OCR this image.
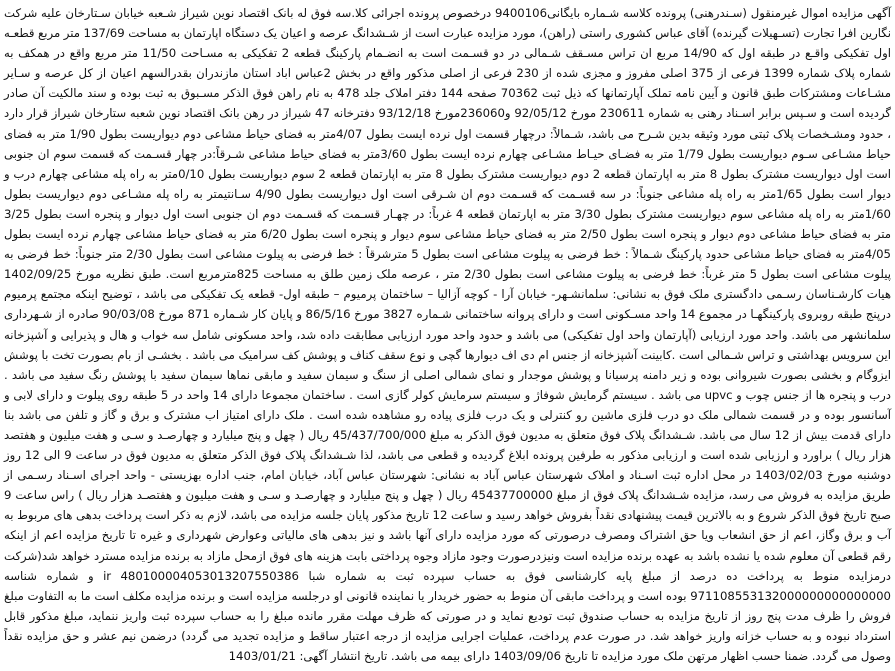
آگهی مزایده اموال غیرمنقول (سـندرهنی) پرونده کلاسه شـماره بایگانی9400106 درخصوص پرونده اجرائی کلا.سه فوق له بانک اقتصاد نوین شیراز شـعبه خیابان سـتارخان علیه شرکت نگارین افرا تجارت (تسـهیلات گیرنده) آقای عباس کشوری راستی (راهن)، مورد مزایده عبارت است از شـشدانگ عرصه و اعیان یک دستگاه اپارتمان به مساحت 137/69 متر مربع قطعـه اول تفکیکی واقـع در طبقه اول که 14/90 مربع ان تراس مسـقف شـمالی در دو قسـمت است به انضـمام پارکینگ قطعه 2 تفکیکی به مسـاحت 11/50 متر مربع واقع در همکف به شماره پلاک شماره 1399 فرعی از 375 اصلی مفروز و مجزی شده از 230 فرعی از اصلی مذکور واقع در بخش 2عباس اباد استان مازندران بقدرالسهم اعیان از کل عرصه و سـایر مشـاعات ومشترکات طبق قانون و آیین نامه تملک آپارتمانها که ذیل ثبت 70362 صفحه 144 دفتر املاک جلد 478 به نام راهن فوق الذکر مسـبوق به ثبت بوده و سند مالکیت آن صادر گردیده است و سـپس برابر اسـناد رهنی به شماره 230611 مورخ 92/05/12 و236060مورخ 93/12/18 دفترخانه 47 شیراز در رهن بانک اقتصاد نوین شعبه ستارخان شیراز قرار دارد ، حدود ومشـخصات پلاک ثبتی مورد وثیقه بدین شـرح می باشد، شـمالاً: درچهار قسمت اول نرده ایست بطول 4/07متر به فضای حیاط مشاعی دوم دیواریست بطول 1/90 متر به فضای حیاط مشـاعی سـوم دیواریست بطول 1/79 متر به فضـای حیـاط مشـاعی چهارم نرده ایست بطول 3/60متر به فضای حیاط مشاعی شـرقاً:در چهار قسـمت که قسمت سوم ان جنوبی است اول دیواریست مشترک بطول 8 متر به اپارتمان قطعه 2 دوم دیواریست مشترک بطول 8 متر به اپارتمان قطعه 2 سوم دیواریست بطول 0/10متر به راه پله مشاعی چهارم درب و دیوار است بطول 1/65متر به راه پله مشاعی جنوباً: در سه قسـمت که قسـمت دوم ان شـرقی است اول دیواریست بطول 4/90 سـانتیمتر به راه پله مشـاعی دوم دیواریست بطول 1/60متر به راه پله مشاعی سوم دیواریست مشترک بطول 3/30 متر به اپارتمان قطعه 4 غرباً: در چهـار قسـمت که قسـمت دوم ان جنوبی است اول دیوار و پنجره است بطول 3/25 متر به فضای حیاط مشاعی دوم دیوار و پنجره است بطول 2/50 متر به فضای حیاط مشاعی سوم دیوار و پنجره است بطول 6/20 متر به فضای حیاط مشاعی چهارم نرده ایست بطول 4/05متر به فضای حیاط مشاعی حدود پارکینگ شـمالاً : خط فرضی به پیلوت مشاعی است بطول 5 مترشرقاً : خط فرضی به پیلوت مشاعی است بطول 2/30 متر جنوباً: خط فرضی به پیلوت مشاعی است بطول 5 متر غرباً: خط فرضی به پیلوت مشاعی است بطول 2/30 متر ، عرصه ملک زمین طلق به مساحت 825مترمربع است. طبق نظریه مورخ 1402/09/25 هیات کارشـناسان رسـمی دادگستری ملک فوق به نشانی: سلمانشـهر- خیابان آرا - کوچه آزالیا – ساختمان پرمیوم – طبقه اول- قطعه یک تفکیکی می باشد ، توضیح اینکه مجتمع پرمیوم درپنج طبقه روبروی پارکینگهـا در مجموع 14 واحد مسـکونی است و دارای پروانه ساختمانی شـماره 3827 مورخ 86/5/16 و پایان کار شـماره 871 مورخ 90/03/08 صادره از شـهرداری سلمانشهر می باشد. واحد مورد ارزیابی (آپارتمان واحد اول تفکیکی) می باشد و حدود واحد مورد ارزیابی مطابقت داده شد، واحد مسکونی شامل سه خواب و هال و پذیرایی و آشپزخانه این سرویس بهداشتی و تراس شـمالی است .کابینت آشپزخانه از جنس ام دی اف دیوارها گچی و نوع سقف کناف و پوشش کف سرامیک می باشد . بخشـی از بام بصورت تخت با پوشش ایزوگام و بخشی بصورت شیروانی بوده و زیر دامنه پرسیانا و پوشش موجدار و نمای شمالی اصلی از سنگ و سیمان سفید و مابقی نماها سیمان سفید با پوشش رنگ سفید می باشد . درب و پنجره ها از جنس چوب و upvc می باشد . سیستم گرمایش شوفاژ و سیستم سرمایش کولر گازی است . ساختمان مجموعا دارای 14 واحد در 5 طبقه روی پیلوت و دارای لابی و آسانسور بوده و در قسمت شمالی ملک دو درب فلزی ماشین رو کنترلی و یک درب فلزی پیاده رو مشاهده شده است . ملک دارای امتیاز اب مشترک و برق و گاز و تلفن می باشد بنا دارای قدمت بیش از 12 سال می باشد. شـشدانگ پلاک فوق متعلق به مدیون فوق الذکر به مبلغ 45/437/700/000 ریال ( چهل و پنج میلیارد و چهارصـد و سـی و هفت میلیون و هفتصد هزار ریال ) براورد و ارزیابی شده است و ارزیابی مذکور به طرفین پرونده ابلاغ گردیده و قطعی می باشد، لذا شـشدانگ پلاک فوق الذکر متعلق به مدیون فوق در ساعت 9 الی 12 روز دوشنبه مورخ 1403/02/03 در محل اداره ثبت اسـناد و املاک شهرستان عباس آباد به نشانی: شهرستان عباس آباد، خیابان امام، جنب اداره بهزیستی - واحد اجرای اسـناد رسـمی از طریق مزایده به فروش می رسد، مزایده شـشدانگ پلاک فوق از مبلغ 45437700000 ریال ( چهل و پنج میلیارد و چهارصـد و سـی و هفت میلیون و هفتصـد هزار ریال ) راس ساعت 9 صبح تاریخ فوق الذکر شروع و به بالاترین قیمت پیشنهادی نقداً بفروش خواهد رسید و ساعت 12 تاریخ مذکور پایان جلسه مزایده می باشد، لازم به ذکر است پرداخت بدهی های مربوط به آب و برق وگاز، اعم از حق انشعاب ویا حق اشتراک ومصرف درصورتی که مورد مزایده دارای آنها باشد و نیز بدهی های مالیاتی وعوارض شهرداری و غیره تا تاریخ مزایده اعم از اینکه رقم قطعی آن معلوم شده یا نشده باشد به عهده برنده مزایده است ونیزدرصورت وجود مازاد وجوه پرداختی بابت هزینه های فوق ازمحل مازاد به برنده مزایده مسترد خواهد شد(شرکت درمزایده منوط به پرداخت ده درصد از مبلغ پایه کارشناسی فوق به حساب سپرده ثبت به شماره شبا 480100004053013207550386 ir و شماره شناسه 971108553132000000000000000 بوده است و پرداخت مابقی آن منوط به حضور خریدار یا نماینده قانونی او درجلسه مزایده است و برنده مزایده مکلف است ما به التفاوت مبلغ فروش را ظرف مدت پنج روز از تاریخ مزایده به حساب صندوق ثبت تودیع نماید و در صورتی که ظرف مهلت مقرر مانده مبلغ را به حساب سپرده ثبت واریز ننماید، مبلغ مذکور قابل استرداد نبوده و به حساب خزانه واریز خواهد شد. در صورت عدم پرداخت، عملیات اجرایی مزایده از درجه اعتبار ساقط و مزایده تجدید می گردد) درضمن نیم عشر و حق مزایده نقداً وصول می گردد. ضمنا حسب اظهار مرتهن ملک مورد مزایده تا تاریخ 1403/09/06 دارای بیمه می باشد. تاریخ انتشار آگهی: 1403/01/21
